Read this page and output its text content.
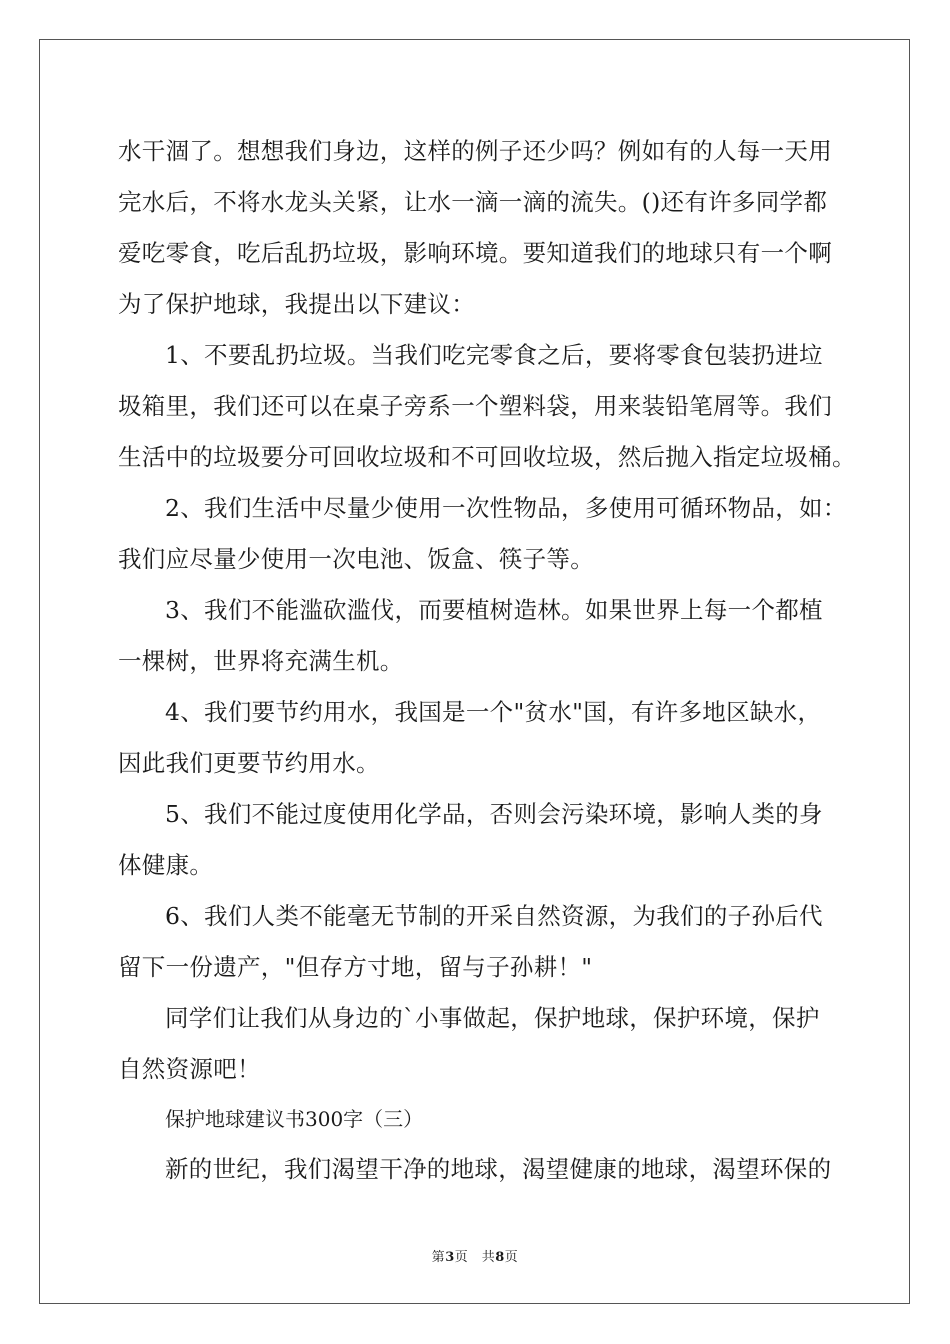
水干涸了。想想我们身边，这样的例子还少吗？例如有的人每一天用
完水后，不将水龙头关紧，让水一滴一滴的流失。()还有许多同学都
爱吃零食，吃后乱扔垃圾，影响环境。要知道我们的地球只有一个啊
为了保护地球，我提出以下建议：
1、不要乱扔垃圾。当我们吃完零食之后，要将零食包装扔进垃
圾箱里，我们还可以在桌子旁系一个塑料袋，用来装铅笔屑等。我们
生活中的垃圾要分可回收垃圾和不可回收垃圾，然后抛入指定垃圾桶。
2、我们生活中尽量少使用一次性物品，多使用可循环物品，如：
我们应尽量少使用一次电池、饭盒、筷子等。
3、我们不能滥砍滥伐，而要植树造林。如果世界上每一个都植
一棵树，世界将充满生机。
4、我们要节约用水，我国是一个"贫水"国，有许多地区缺水，
因此我们更要节约用水。
5、我们不能过度使用化学品，否则会污染环境，影响人类的身
体健康。
6、我们人类不能毫无节制的开采自然资源，为我们的子孙后代
留下一份遗产，"但存方寸地，留与子孙耕！"
同学们让我们从身边的`小事做起，保护地球，保护环境，保护
自然资源吧！
保护地球建议书300字（三）
新的世纪，我们渴望干净的地球，渴望健康的地球，渴望环保的
第3页　共8页
